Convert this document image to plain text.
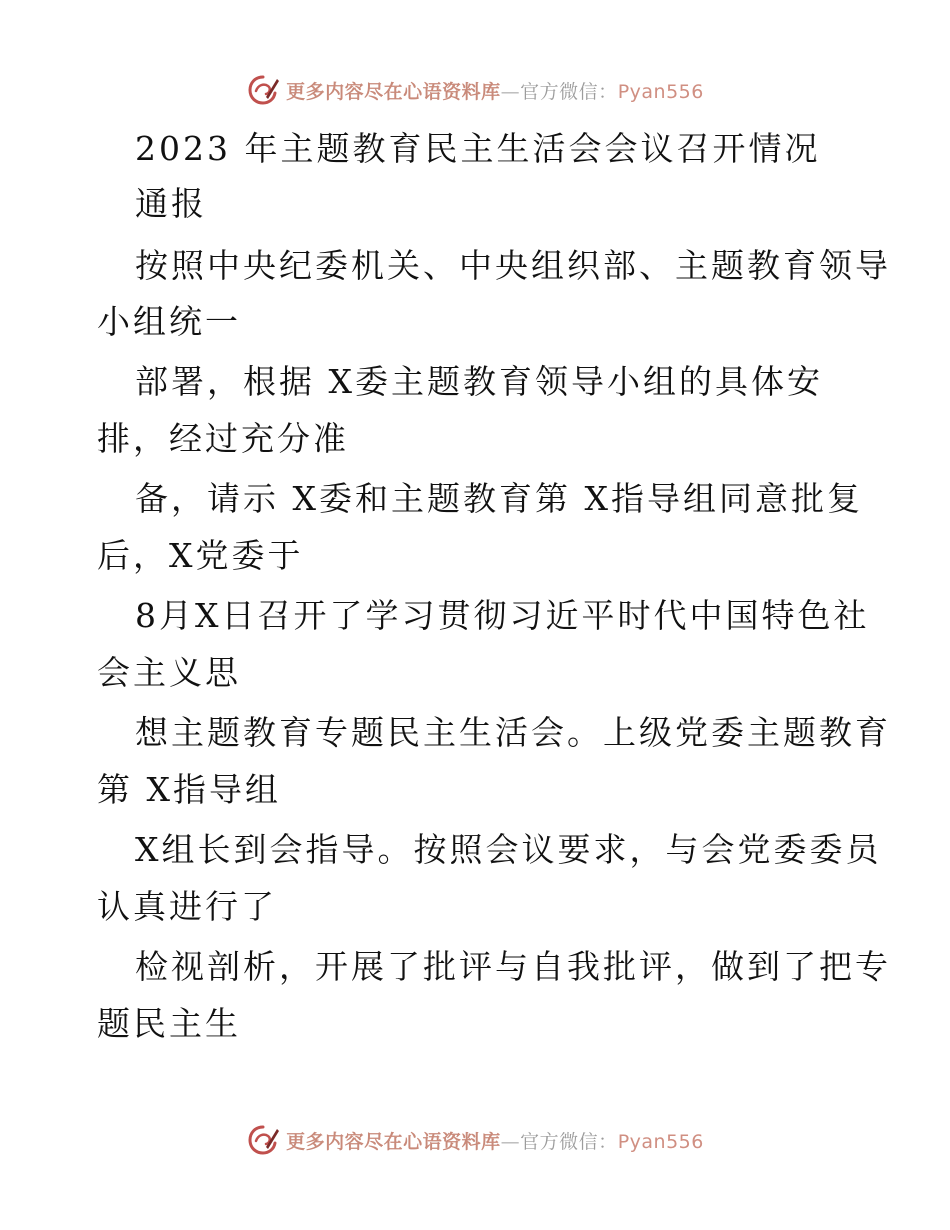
更多内容尽在心语资料库—官方微信：Pyan556
2023 年主题教育民主生活会会议召开情况
通报
按照中央纪委机关、中央组织部、主题教育领导
小组统一
部署，根据 X委主题教育领导小组的具体安
排，经过充分准
备，请示 X委和主题教育第 X指导组同意批复
后，X党委于
8月X日召开了学习贯彻习近平时代中国特色社
会主义思
想主题教育专题民主生活会。上级党委主题教育
第 X指导组
X组长到会指导。按照会议要求，与会党委委员
认真进行了
检视剖析，开展了批评与自我批评，做到了把专
题民主生
更多内容尽在心语资料库—官方微信：Pyan556
